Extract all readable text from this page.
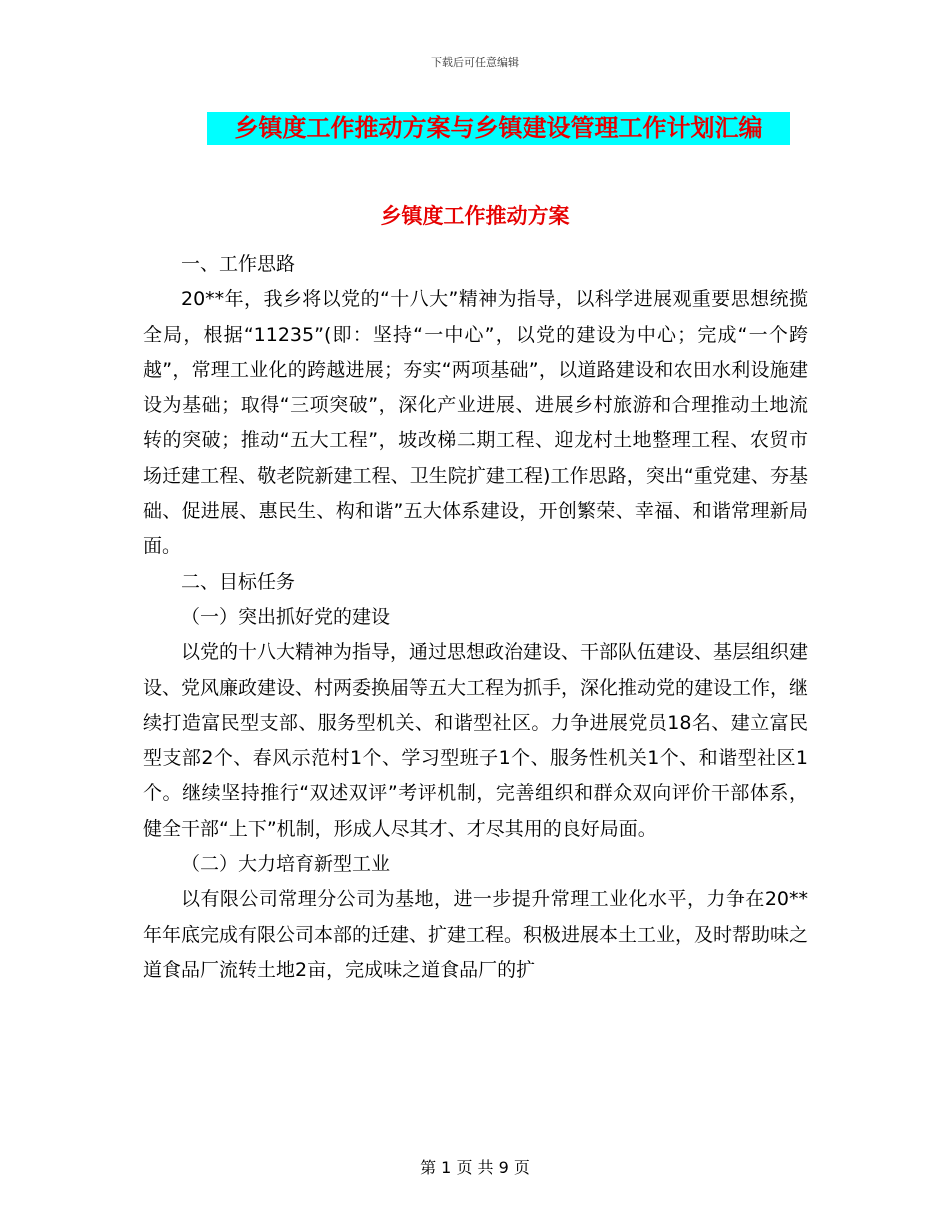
下载后可任意编辑
乡镇度工作推动方案与乡镇建设管理工作计划汇编
乡镇度工作推动方案

一、工作思路

20**年，我乡将以党的“十八大”精神为指导，以科学进展观重要思想统揽全局，根据“11235”(即：坚持“一中心”，以党的建设为中心；完成“一个跨越”，常理工业化的跨越进展；夯实“两项基础”，以道路建设和农田水利设施建设为基础；取得“三项突破”，深化产业进展、进展乡村旅游和合理推动土地流转的突破；推动“五大工程”，坡改梯二期工程、迎龙村土地整理工程、农贸市场迁建工程、敬老院新建工程、卫生院扩建工程)工作思路，突出“重党建、夯基础、促进展、惠民生、构和谐”五大体系建设，开创繁荣、幸福、和谐常理新局面。

二、目标任务

（一）突出抓好党的建设

以党的十八大精神为指导，通过思想政治建设、干部队伍建设、基层组织建设、党风廉政建设、村两委换届等五大工程为抓手，深化推动党的建设工作，继续打造富民型支部、服务型机关、和谐型社区。力争进展党员18名、建立富民型支部2个、春风示范村1个、学习型班子1个、服务性机关1个、和谐型社区1个。继续坚持推行“双述双评”考评机制，完善组织和群众双向评价干部体系，健全干部“上下”机制，形成人尽其才、才尽其用的良好局面。

（二）大力培育新型工业

以有限公司常理分公司为基地，进一步提升常理工业化水平，力争在20**年年底完成有限公司本部的迁建、扩建工程。积极进展本土工业，及时帮助味之道食品厂流转土地2亩，完成味之道食品厂的扩

第 1 页 共 9 页
